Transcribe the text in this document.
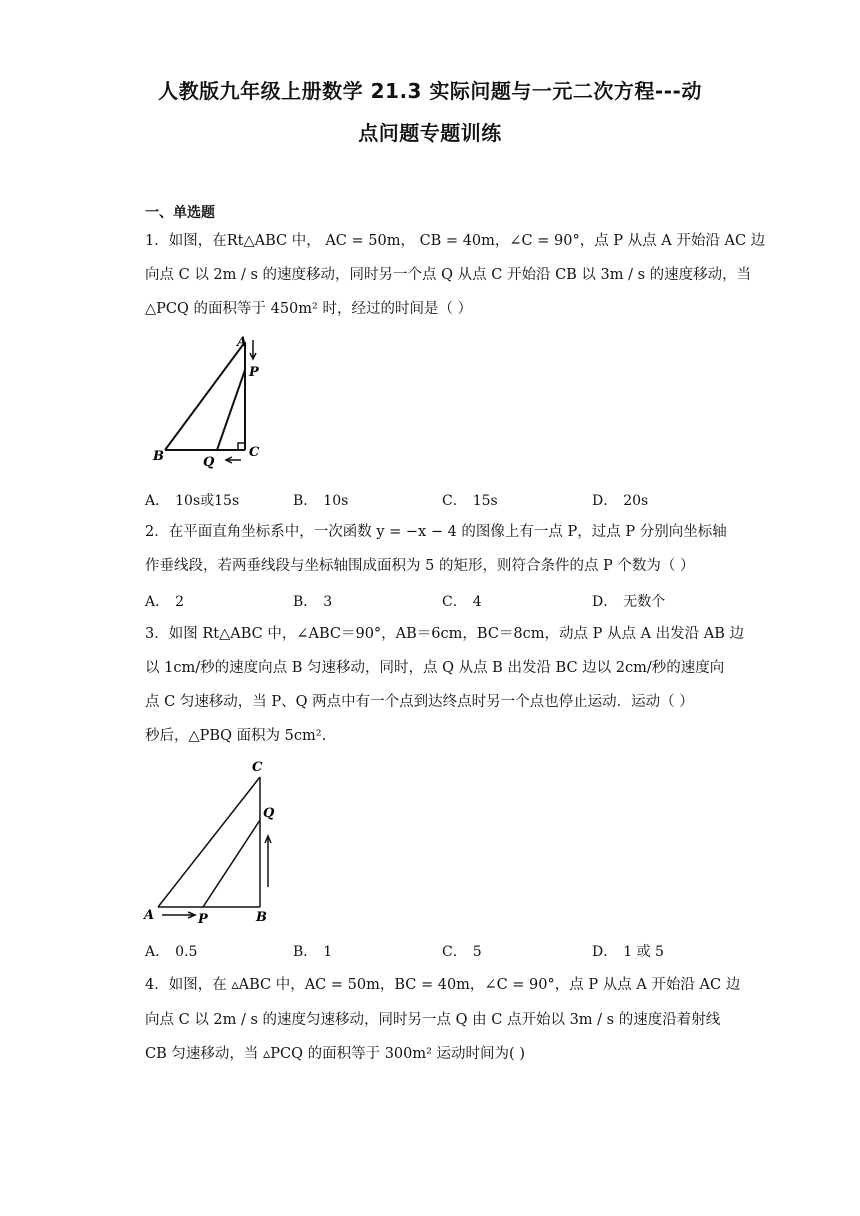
人教版九年级上册数学 21.3 实际问题与一元二次方程---动
点问题专题训练
一、单选题
1．如图，在Rt△ABC 中， AC = 50m， CB = 40m，∠C = 90°，点 P 从点 A 开始沿 AC 边
向点 C 以 2m / s 的速度移动，同时另一个点 Q 从点 C 开始沿 CB 以 3m / s 的速度移动，当
△PCQ 的面积等于 450m² 时，经过的时间是（ ）
A
P
B	Q
C
A． 10s或15s	B． 10s	C． 15s	D． 20s
2．在平面直角坐标系中，一次函数 y = −x − 4 的图像上有一点 P，过点 P 分别向坐标轴
作垂线段，若两垂线段与坐标轴围成面积为 5 的矩形，则符合条件的点 P 个数为（ ）
A． 2	B． 3	C． 4	D． 无数个
3．如图 Rt△ABC 中，∠ABC＝90°，AB＝6cm，BC＝8cm，动点 P 从点 A 出发沿 AB 边
以 1cm/秒的速度向点 B 匀速移动，同时，点 Q 从点 B 出发沿 BC 边以 2cm/秒的速度向
点 C 匀速移动，当 P、Q 两点中有一个点到达终点时另一个点也停止运动．运动（ ）
秒后，△PBQ 面积为 5cm².
C
Q
A	P	B
A． 0.5	B． 1	C． 5	D． 1 或 5
4．如图，在 ▵ABC 中，AC = 50m，BC = 40m，∠C = 90°，点 P 从点 A 开始沿 AC 边
向点 C 以 2m / s 的速度匀速移动，同时另一点 Q 由 C 点开始以 3m / s 的速度沿着射线
CB 匀速移动，当 ▵PCQ 的面积等于 300m² 运动时间为( )
